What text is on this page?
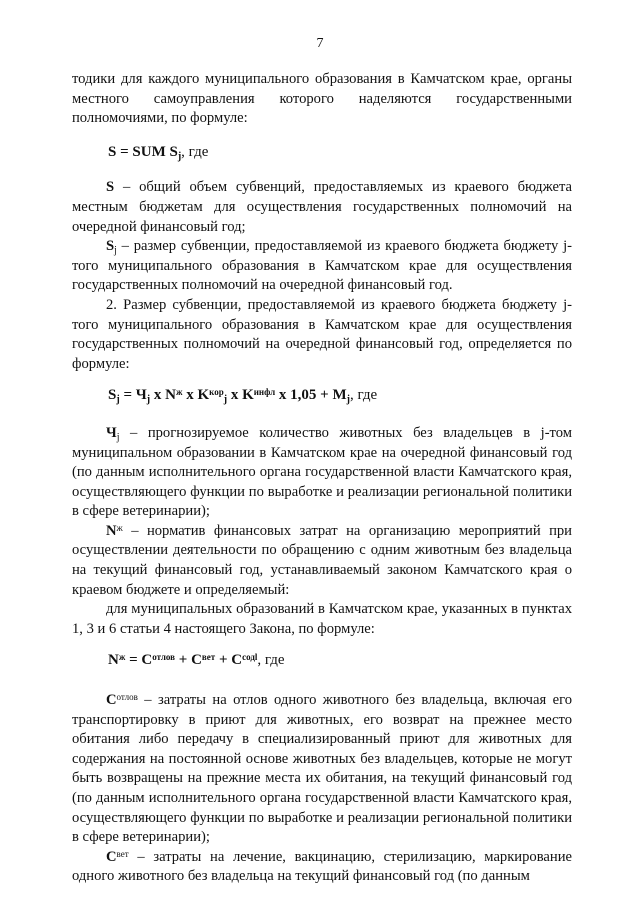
7

тодики для каждого муниципального образования в Камчатском крае, органы местного самоуправления которого наделяются государственными полномочиями, по формуле:

S = SUM $S_j$, где

S – общий объем субвенций, предоставляемых из краевого бюджета местным бюджетам для осуществления государственных полномочий на очередной финансовый год;

$S_j$ – размер субвенции, предоставляемой из краевого бюджета бюджету j-того муниципального образования в Камчатском крае для осуществления государственных полномочий на очередной финансовый год.

2. Размер субвенции, предоставляемой из краевого бюджета бюджету j-того муниципального образования в Камчатском крае для осуществления государственных полномочий на очередной финансовый год, определяется по формуле:

$S_j = Ч_j$ x $N^ж$ x $K^{кор}_j$ x $K^{инфл}$ x $1,05 + M_j$, где

$Ч_j$ – прогнозируемое количество животных без владельцев в j-том муниципальном образовании в Камчатском крае на очередной финансовый год (по данным исполнительного органа государственной власти Камчатского края, осуществляющего функции по выработке и реализации региональной политики в сфере ветеринарии);

$N^ж$ – норматив финансовых затрат на организацию мероприятий при осуществлении деятельности по обращению с одним животным без владельца на текущий финансовый год, устанавливаемый законом Камчатского края о краевом бюджете и определяемый:

для муниципальных образований в Камчатском крае, указанных в пунктах 1, 3 и 6 статьи 4 настоящего Закона, по формуле:

$N^ж = C^{отлов} + C^{вет} + C^{содl}$, где

$C^{отлов}$ – затраты на отлов одного животного без владельца, включая его транспортировку в приют для животных, его возврат на прежнее место обитания либо передачу в специализированный приют для животных для содержания на постоянной основе животных без владельцев, которые не могут быть возвращены на прежние места их обитания, на текущий финансовый год (по данным исполнительного органа государственной власти Камчатского края, осуществляющего функции по выработке и реализации региональной политики в сфере ветеринарии);

$C^{вет}$ – затраты на лечение, вакцинацию, стерилизацию, маркирование одного животного без владельца на текущий финансовый год (по данным
